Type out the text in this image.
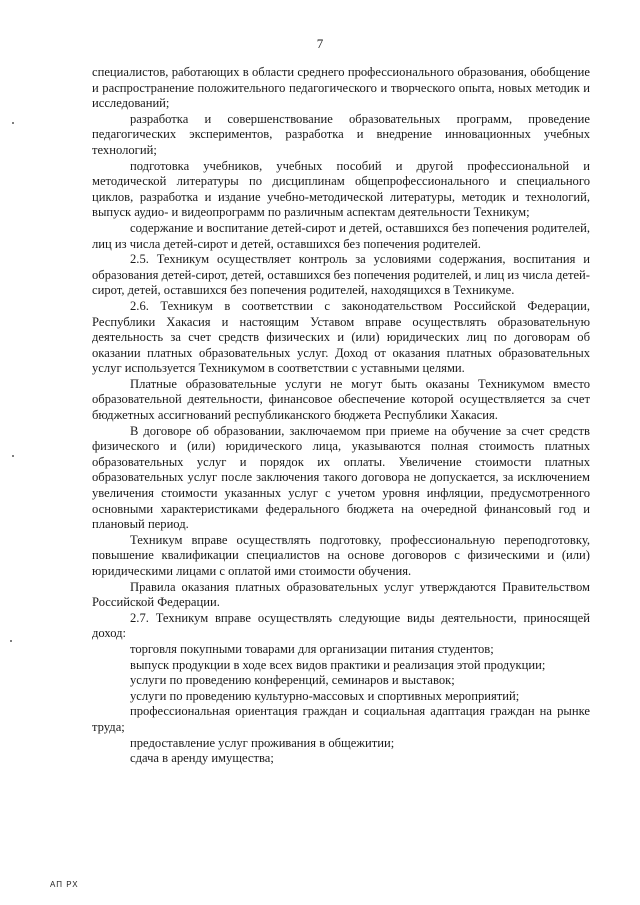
7

специалистов, работающих в области среднего профессионального образования, обобщение и распространение положительного педагогического и творческого опыта, новых методик и исследований;

разработка и совершенствование образовательных программ, проведение педагогических экспериментов, разработка и внедрение инновационных учебных технологий;

подготовка учебников, учебных пособий и другой профессиональной и методической литературы по дисциплинам общепрофессионального и специального циклов, разработка и издание учебно-методической литературы, методик и технологий, выпуск аудио- и видеопрограмм по различным аспектам деятельности Техникум;

содержание и воспитание детей-сирот и детей, оставшихся без попечения родителей, лиц из числа детей-сирот и детей, оставшихся без попечения родителей.

2.5. Техникум осуществляет контроль за условиями содержания, воспитания и образования детей-сирот, детей, оставшихся без попечения родителей, и лиц из числа детей-сирот, детей, оставшихся без попечения родителей, находящихся в Техникуме.

2.6. Техникум в соответствии с законодательством Российской Федерации, Республики Хакасия и настоящим Уставом вправе осуществлять образовательную деятельность за счет средств физических и (или) юридических лиц по договорам об оказании платных образовательных услуг. Доход от оказания платных образовательных услуг используется Техникумом в соответствии с уставными целями.

Платные образовательные услуги не могут быть оказаны Техникумом вместо образовательной деятельности, финансовое обеспечение которой осуществляется за счет бюджетных ассигнований республиканского бюджета Республики Хакасия.

В договоре об образовании, заключаемом при приеме на обучение за счет средств физического и (или) юридического лица, указываются полная стоимость платных образовательных услуг и порядок их оплаты. Увеличение стоимости платных образовательных услуг после заключения такого договора не допускается, за исключением увеличения стоимости указанных услуг с учетом уровня инфляции, предусмотренного основными характеристиками федерального бюджета на очередной финансовый год и плановый период.

Техникум вправе осуществлять подготовку, профессиональную переподготовку, повышение квалификации специалистов на основе договоров с физическими и (или) юридическими лицами с оплатой ими стоимости обучения.

Правила оказания платных образовательных услуг утверждаются Правительством Российской Федерации.

2.7. Техникум вправе осуществлять следующие виды деятельности, приносящей доход:

торговля покупными товарами для организации питания студентов;

выпуск продукции в ходе всех видов практики и реализация этой продукции;

услуги по проведению конференций, семинаров и выставок;

услуги по проведению культурно-массовых и спортивных мероприятий;

профессиональная ориентация граждан и социальная адаптация граждан на рынке труда;

предоставление услуг проживания в общежитии;

сдача в аренду имущества;

АП РХ
